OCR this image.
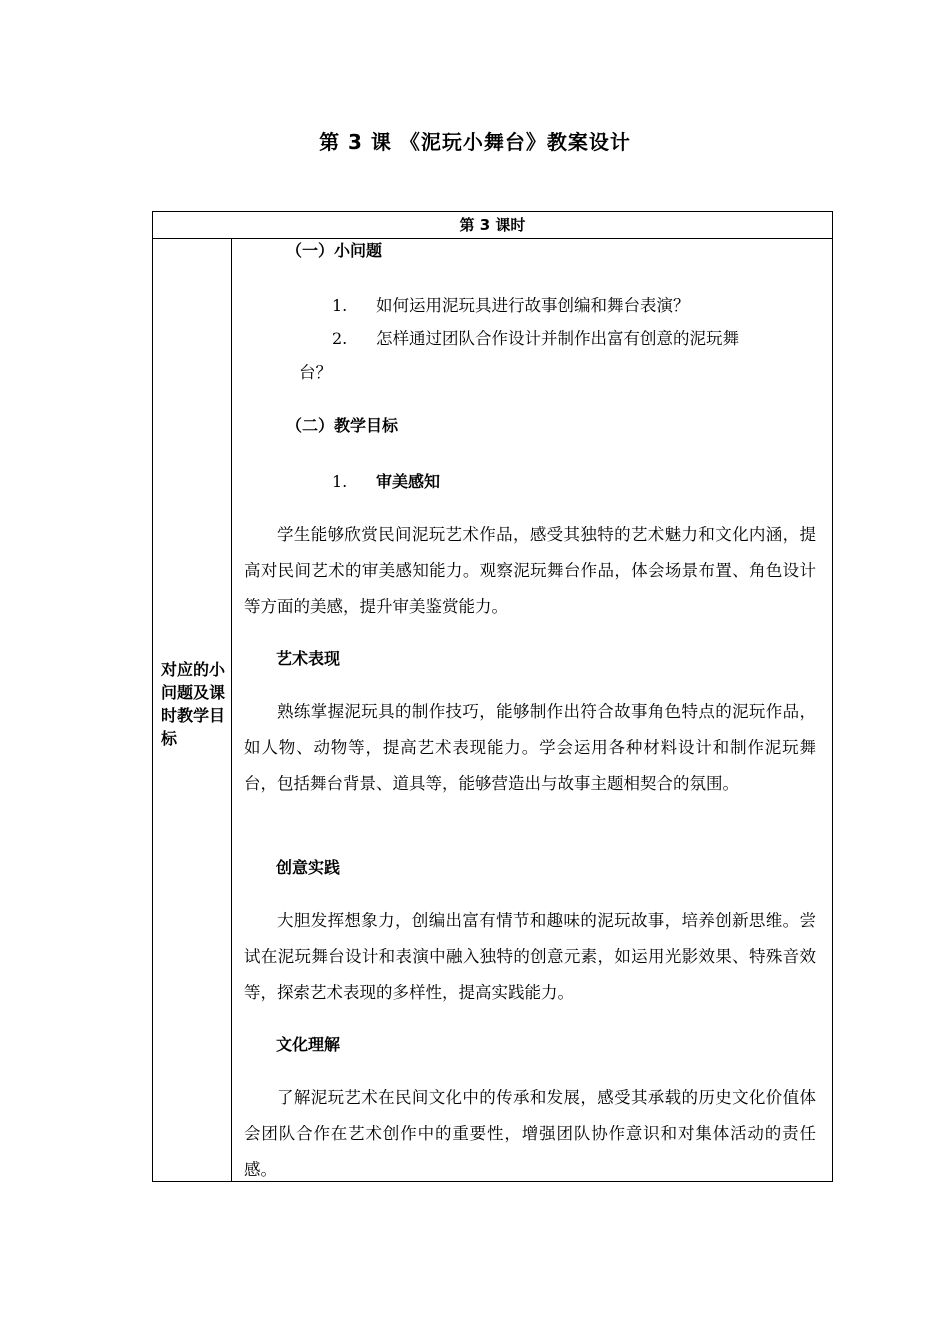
第 3 课 《泥玩小舞台》教案设计
第 3 课时
对应的小问题及课时教学目标
（一）小问题
1. 如何运用泥玩具进行故事创编和舞台表演？
2. 怎样通过团队合作设计并制作出富有创意的泥玩舞
台？
（二）教学目标
1. 审美感知

学生能够欣赏民间泥玩艺术作品，感受其独特的艺术魅力和文化内涵，提高对民间艺术的审美感知能力。观察泥玩舞台作品，体会场景布置、角色设计等方面的美感，提升审美鉴赏能力。

艺术表现

熟练掌握泥玩具的制作技巧，能够制作出符合故事角色特点的泥玩作品，如人物、动物等，提高艺术表现能力。学会运用各种材料设计和制作泥玩舞台，包括舞台背景、道具等，能够营造出与故事主题相契合的氛围。

创意实践

大胆发挥想象力，创编出富有情节和趣味的泥玩故事，培养创新思维。尝试在泥玩舞台设计和表演中融入独特的创意元素，如运用光影效果、特殊音效等，探索艺术表现的多样性，提高实践能力。

文化理解

了解泥玩艺术在民间文化中的传承和发展，感受其承载的历史文化价值体会团队合作在艺术创作中的重要性，增强团队协作意识和对集体活动的责任感。
